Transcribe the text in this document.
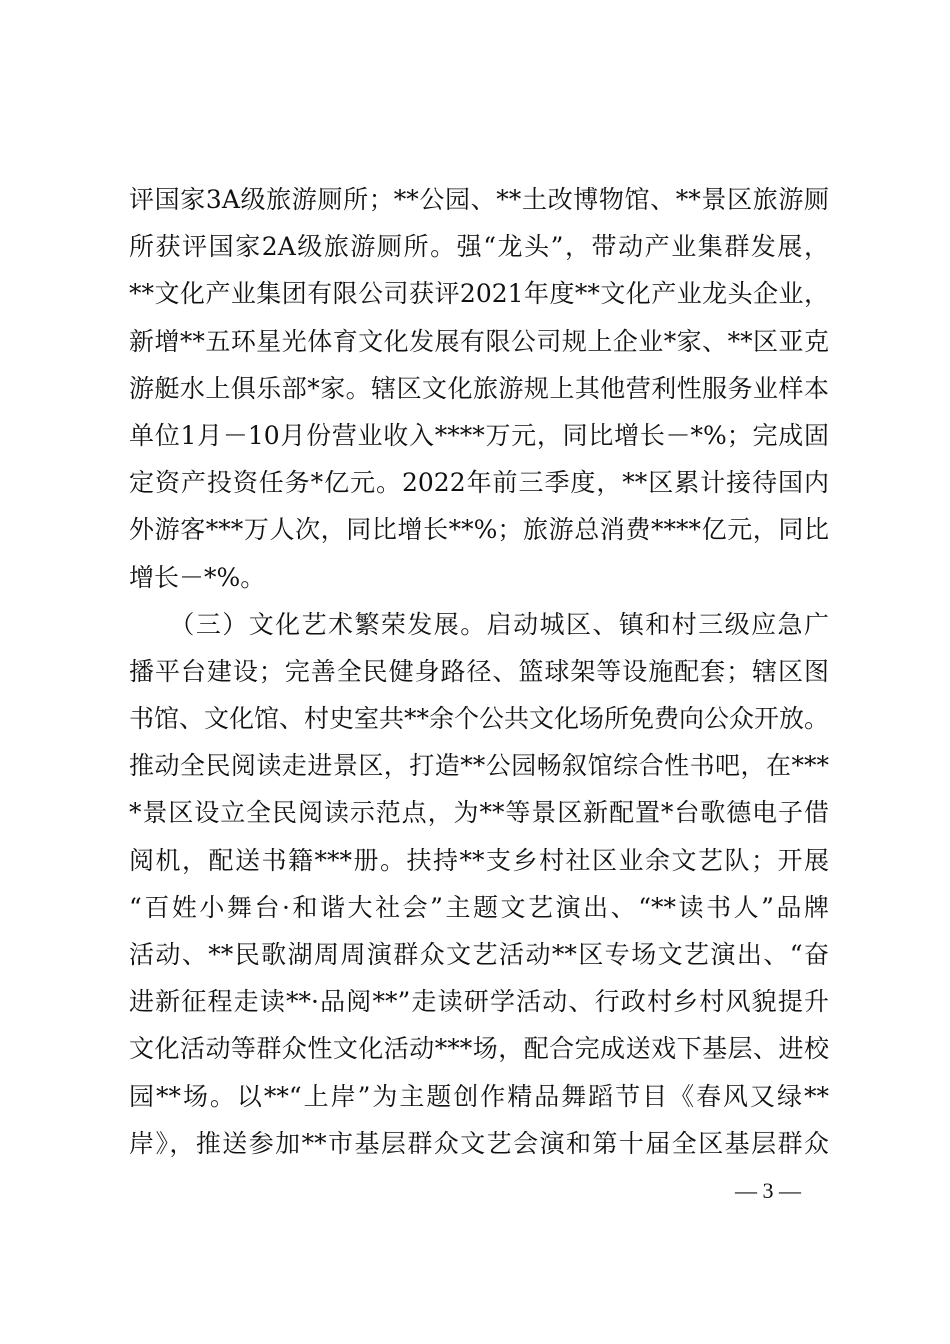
评国家3A级旅游厕所；**公园、**土改博物馆、**景区旅游厕
所获评国家2A级旅游厕所。强“龙头”，带动产业集群发展，
**文化产业集团有限公司获评2021年度**文化产业龙头企业，
新增**五环星光体育文化发展有限公司规上企业*家、**区亚克
游艇水上俱乐部*家。辖区文化旅游规上其他营利性服务业样本
单位1月－10月份营业收入****万元，同比增长－*%；完成固
定资产投资任务*亿元。2022年前三季度，**区累计接待国内
外游客***万人次，同比增长**%；旅游总消费****亿元，同比
增长－*%。
　　（三）文化艺术繁荣发展。启动城区、镇和村三级应急广
播平台建设；完善全民健身路径、篮球架等设施配套；辖区图
书馆、文化馆、村史室共**余个公共文化场所免费向公众开放。
推动全民阅读走进景区，打造**公园畅叙馆综合性书吧，在***
*景区设立全民阅读示范点，为**等景区新配置*台歌德电子借
阅机，配送书籍***册。扶持**支乡村社区业余文艺队；开展
“百姓小舞台·和谐大社会”主题文艺演出、“**读书人”品牌
活动、**民歌湖周周演群众文艺活动**区专场文艺演出、“奋
进新征程走读**·品阅**”走读研学活动、行政村乡村风貌提升
文化活动等群众性文化活动***场，配合完成送戏下基层、进校
园**场。以**“上岸”为主题创作精品舞蹈节目《春风又绿**
岸》，推送参加**市基层群众文艺会演和第十届全区基层群众
— 3 —
